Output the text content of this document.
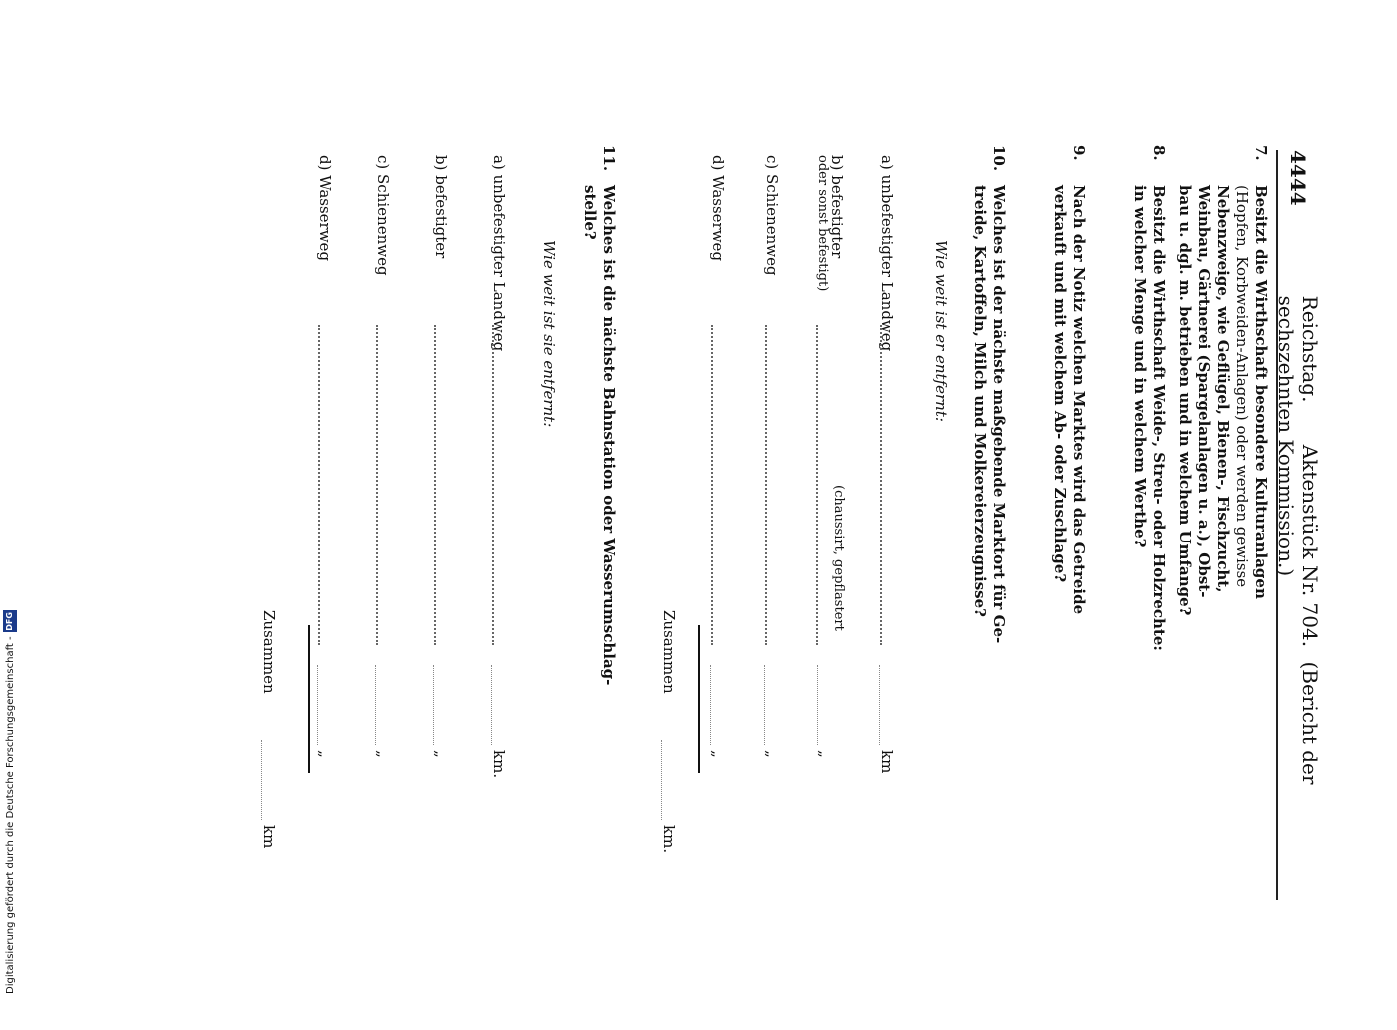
Digitalisierung gefördert durch die Deutsche Forschungsgemeinschaft -
DFG
4444
Reichstag. Aktenstück Nr. 704. (Bericht der sechszehnten Kommission.)
7.
Besitzt die Wirthschaft besondere Kulturanlagen
(Hopfen, Korbweiden-Anlagen) oder werden gewisse
Nebenzweige, wie Geflügel, Bienen-, Fischzucht,
Weinbau, Gärtnerei (Spargelanlagen u. a.), Obst-
bau u. dgl. m. betrieben und in welchem Umfange?
8.
Besitzt die Wirthschaft Weide-, Streu- oder Holzrechte:
in welcher Menge und in welchem Werthe?
9.
Nach der Notiz welchen Marktes wird das Getreide
verkauft und mit welchem Ab- oder Zuschlage?
10.
Welches ist der nächste maßgebende Marktort für Ge-
treide, Kartoffeln, Milch und Molkereierzeugnisse?
Wie weit ist er entfernt:
a) unbefestigter Landweg
km
b) befestigter
(chaussirt, gepflastert
oder sonst befestigt)
„
c) Schienenweg
„
d) Wasserweg
„
Zusammen
km.
11.
Welches ist die nächste Bahnstation oder Wasserumschlag-
stelle?
Wie weit ist sie entfernt:
a) unbefestigter Landweg
km.
b) befestigter
„
c) Schienenweg
„
d) Wasserweg
„
Zusammen
km
